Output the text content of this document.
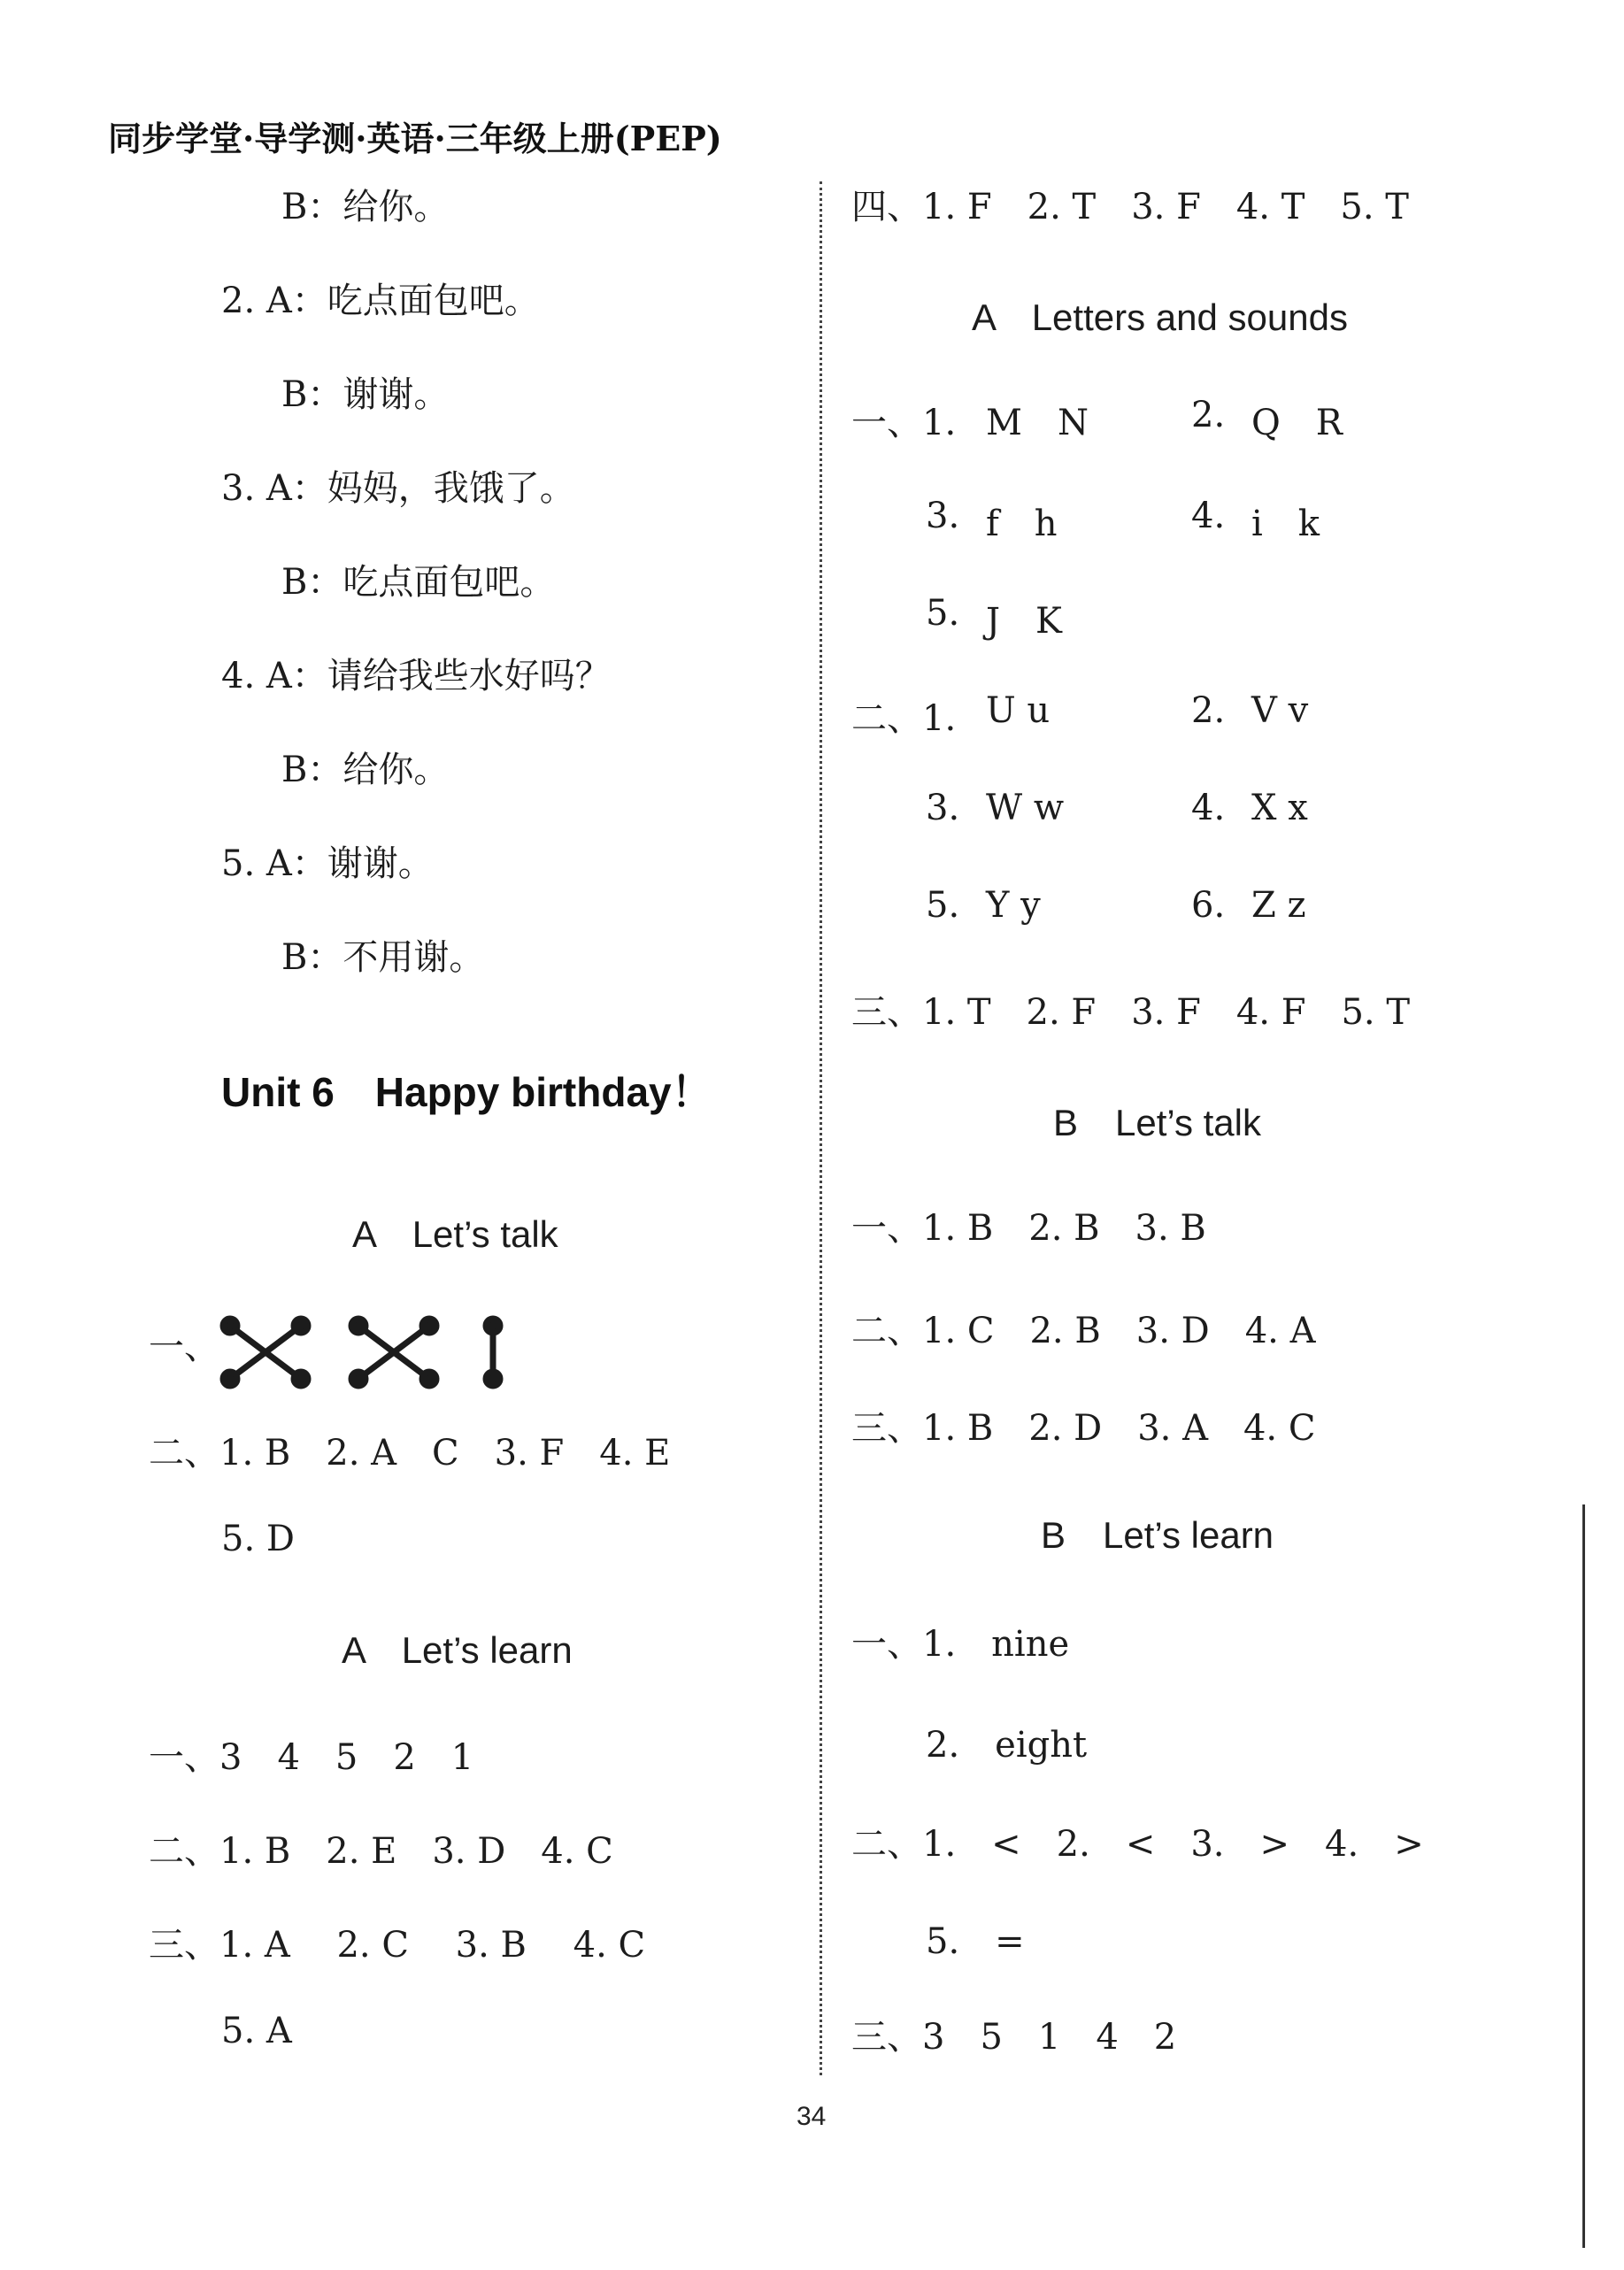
同步学堂·导学测·英语·三年级上册(PEP)
B：给你。
2. A：吃点面包吧。
B：谢谢。
3. A：妈妈，我饿了。
B：吃点面包吧。
4. A：请给我些水好吗？
B：给你。
5. A：谢谢。
B：不用谢。
Unit 6　Happy birthday！
A　Let’s talk
一、
二、1. B　2. A　C　3. F　4. E
5. D
A　Let’s learn
一、3　4　5　2　1
二、1. B　2. E　3. D　4. C
三、1. A　 2. C　 3. B　 4. C
5. A
四、1. F　2. T　3. F　4. T　5. T
A　Letters and sounds
一、1. M　N	2. Q　R
3. f　h	4. i　k
5. J　K
二、1. U u	2. V v
3. W w	4. X x
5. Y y	6. Z z
三、1. T　2. F　3. F　4. F　5. T
B　Let’s talk
一、1. B　2. B　3. B
二、1. C　2. B　3. D　4. A
三、1. B　2. D　3. A　4. C
B　Let’s learn
一、1.　nine
2.　eight
二、1.　<　2.　<　3.　>　4.　>
5.　=
三、3　5　1　4　2
34
